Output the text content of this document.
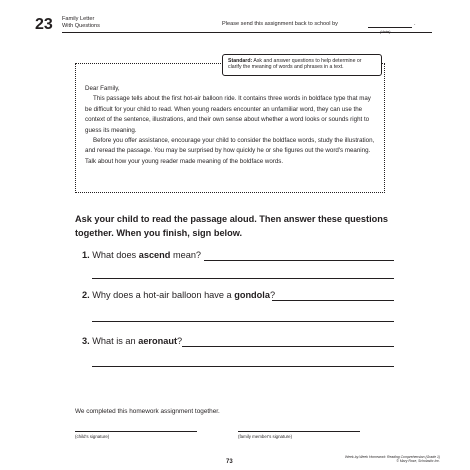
23 Family Letter
With Questions	Please send this assignment back to school by	.
(date)
Standard: Ask and answer questions to help determine or clarify the meaning of words and phrases in a text.

Dear Family,

This passage tells about the first hot-air balloon ride. It contains three words in boldface type that may be difficult for your child to read. When young readers encounter an unfamiliar word, they can use the context of the sentence, illustrations, and their own sense about whether a word looks or sounds right to guess its meaning.

Before you offer assistance, encourage your child to consider the boldface words, study the illustration, and reread the passage. You may be surprised by how quickly he or she figures out the word's meaning. Talk about how your young reader made meaning of the boldface words.

Ask your child to read the passage aloud. Then answer these questions together. When you finish, sign below.
1. What does ascend mean?
2. Why does a hot-air balloon have a gondola?
3. What is an aeronaut?
We completed this homework assignment together.
(child's signature)	(family member's signature)
73
Week-by-Week Homework: Reading Comprehension (Grade 1)
© Mary Rose, Scholastic Inc.
